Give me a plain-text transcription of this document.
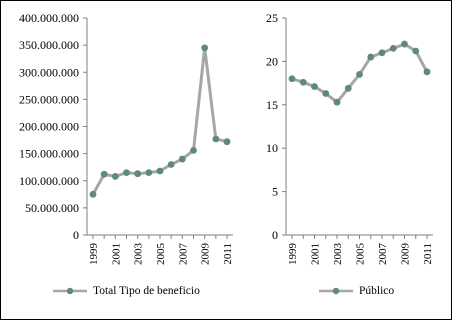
0
50.000.000
100.000.000
150.000.000
200.000.000
250.000.000
300.000.000
350.000.000
400.000.000
1999 2001 2003 2005 2007 2009 2011
0
5
10
15
20
25
1999 2001 2003 2005 2007 2009 2011
Total Tipo de beneficio	Público
